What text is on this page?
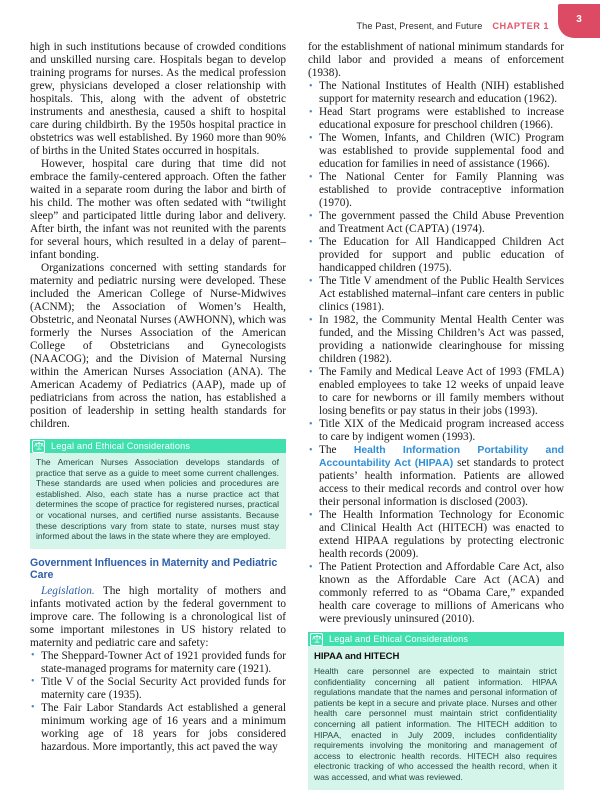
The Past, Present, and Future CHAPTER 1
3

high in such institutions because of crowded conditions and unskilled nursing care. Hospitals began to develop training programs for nurses. As the medical profession grew, physicians developed a closer relationship with hospitals. This, along with the advent of obstetric instruments and anesthesia, caused a shift to hospital care during childbirth. By the 1950s hospital practice in obstetrics was well established. By 1960 more than 90% of births in the United States occurred in hospitals.

However, hospital care during that time did not embrace the family-centered approach. Often the father waited in a separate room during the labor and birth of his child. The mother was often sedated with “twilight sleep” and participated little during labor and delivery. After birth, the infant was not reunited with the parents for several hours, which resulted in a delay of parent–infant bonding.

Organizations concerned with setting standards for maternity and pediatric nursing were developed. These included the American College of Nurse-Midwives (ACNM); the Association of Women’s Health, Obstetric, and Neonatal Nurses (AWHONN), which was formerly the Nurses Association of the American College of Obstetricians and Gynecologists (NAACOG); and the Division of Maternal Nursing within the American Nurses Association (ANA). The American Academy of Pediatrics (AAP), made up of pediatricians from across the nation, has established a position of leadership in setting health standards for children.

Legal and Ethical Considerations

The American Nurses Association develops standards of practice that serve as a guide to meet some current challenges. These standards are used when policies and procedures are established. Also, each state has a nurse practice act that determines the scope of practice for registered nurses, practical or vocational nurses, and certified nurse assistants. Because these descriptions vary from state to state, nurses must stay informed about the laws in the state where they are employed.

Government Influences in Maternity and Pediatric Care

Legislation. The high mortality of mothers and infants motivated action by the federal government to improve care. The following is a chronological list of some important milestones in US history related to maternity and pediatric care and safety:

• The Sheppard-Towner Act of 1921 provided funds for state-managed programs for maternity care (1921).
• Title V of the Social Security Act provided funds for maternity care (1935).
• The Fair Labor Standards Act established a general minimum working age of 16 years and a minimum working age of 18 years for jobs considered hazardous. More importantly, this act paved the way

for the establishment of national minimum standards for child labor and provided a means of enforcement (1938).

• The National Institutes of Health (NIH) established support for maternity research and education (1962).
• Head Start programs were established to increase educational exposure for preschool children (1966).
• The Women, Infants, and Children (WIC) Program was established to provide supplemental food and education for families in need of assistance (1966).
• The National Center for Family Planning was established to provide contraceptive information (1970).
• The government passed the Child Abuse Prevention and Treatment Act (CAPTA) (1974).
• The Education for All Handicapped Children Act provided for support and public education of handicapped children (1975).
• The Title V amendment of the Public Health Services Act established maternal–infant care centers in public clinics (1981).
• In 1982, the Community Mental Health Center was funded, and the Missing Children’s Act was passed, providing a nationwide clearinghouse for missing children (1982).
• The Family and Medical Leave Act of 1993 (FMLA) enabled employees to take 12 weeks of unpaid leave to care for newborns or ill family members without losing benefits or pay status in their jobs (1993).
• Title XIX of the Medicaid program increased access to care by indigent women (1993).
• The Health Information Portability and Accountability Act (HIPAA) set standards to protect patients’ health information. Patients are allowed access to their medical records and control over how their personal information is disclosed (2003).
• The Health Information Technology for Economic and Clinical Health Act (HITECH) was enacted to extend HIPAA regulations by protecting electronic health records (2009).
• The Patient Protection and Affordable Care Act, also known as the Affordable Care Act (ACA) and commonly referred to as “Obama Care,” expanded health care coverage to millions of Americans who were previously uninsured (2010).
Legal and Ethical Considerations
HIPAA and HITECH

Health care personnel are expected to maintain strict confidentiality concerning all patient information. HIPAA regulations mandate that the names and personal information of patients be kept in a secure and private place. Nurses and other health care personnel must maintain strict confidentiality concerning all patient information. The HITECH addition to HIPAA, enacted in July 2009, includes confidentiality requirements involving the monitoring and management of access to electronic health records. HITECH also requires electronic tracking of who accessed the health record, when it was accessed, and what was reviewed.
